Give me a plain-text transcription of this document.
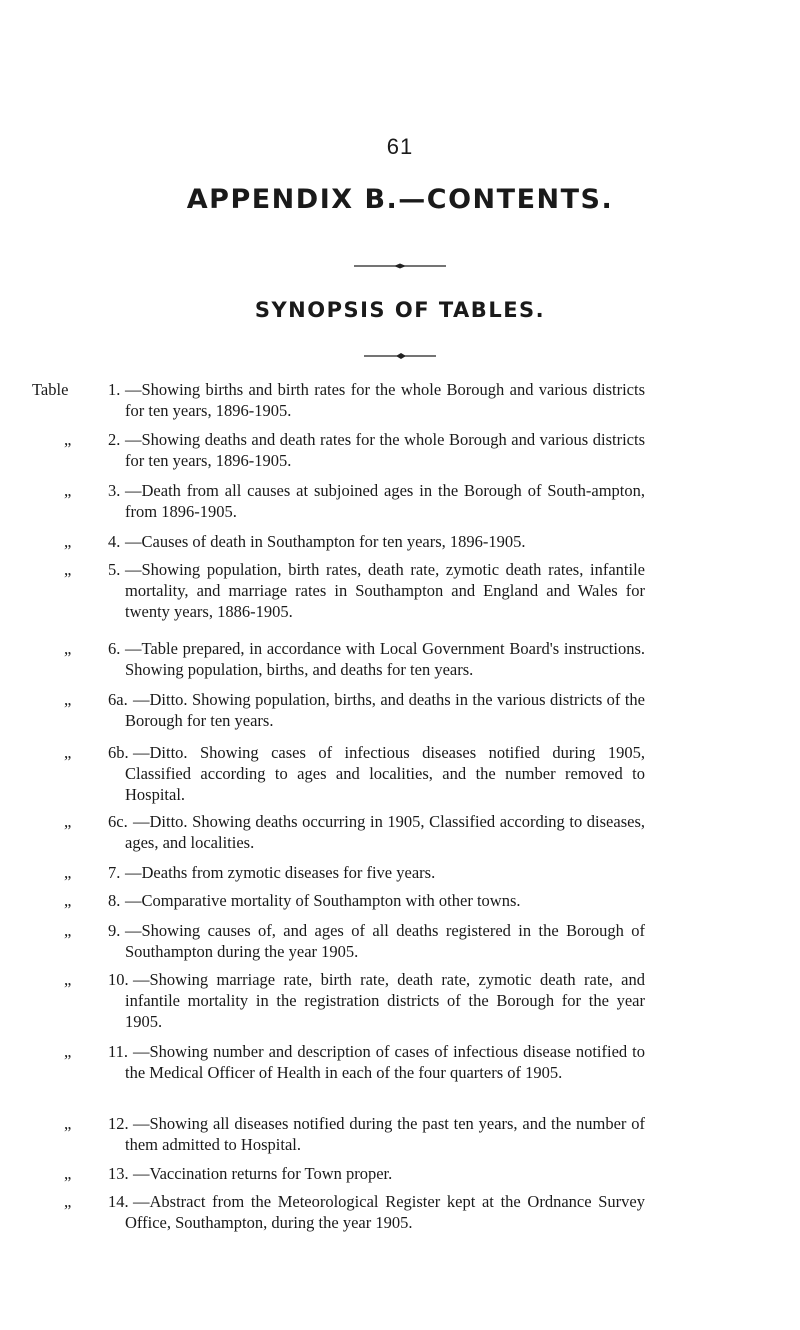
61
APPENDIX B.—CONTENTS.
SYNOPSIS OF TABLES.
Table	1. —Showing births and birth rates for the whole Borough and various districts for ten years, 1896-1905.
„	2. —Showing deaths and death rates for the whole Borough and various districts for ten years, 1896-1905.
„	3. —Death from all causes at subjoined ages in the Borough of South-ampton, from 1896-1905.
„	4. —Causes of death in Southampton for ten years, 1896-1905.
„	5. —Showing population, birth rates, death rate, zymotic death rates, infantile mortality, and marriage rates in Southampton and England and Wales for twenty years, 1886-1905.
„	6. —Table prepared, in accordance with Local Government Board's instructions. Showing population, births, and deaths for ten years.
„	6a. —Ditto. Showing population, births, and deaths in the various districts of the Borough for ten years.
„	6b. —Ditto. Showing cases of infectious diseases notified during 1905, Classified according to ages and localities, and the number removed to Hospital.
„	6c. —Ditto. Showing deaths occurring in 1905, Classified according to diseases, ages, and localities.
„	7. —Deaths from zymotic diseases for five years.
„	8. —Comparative mortality of Southampton with other towns.
„	9. —Showing causes of, and ages of all deaths registered in the Borough of Southampton during the year 1905.
„	10. —Showing marriage rate, birth rate, death rate, zymotic death rate, and infantile mortality in the registration districts of the Borough for the year 1905.
„	11. —Showing number and description of cases of infectious disease notified to the Medical Officer of Health in each of the four quarters of 1905.
„	12. —Showing all diseases notified during the past ten years, and the number of them admitted to Hospital.
„	13. —Vaccination returns for Town proper.
„	14. —Abstract from the Meteorological Register kept at the Ordnance Survey Office, Southampton, during the year 1905.
